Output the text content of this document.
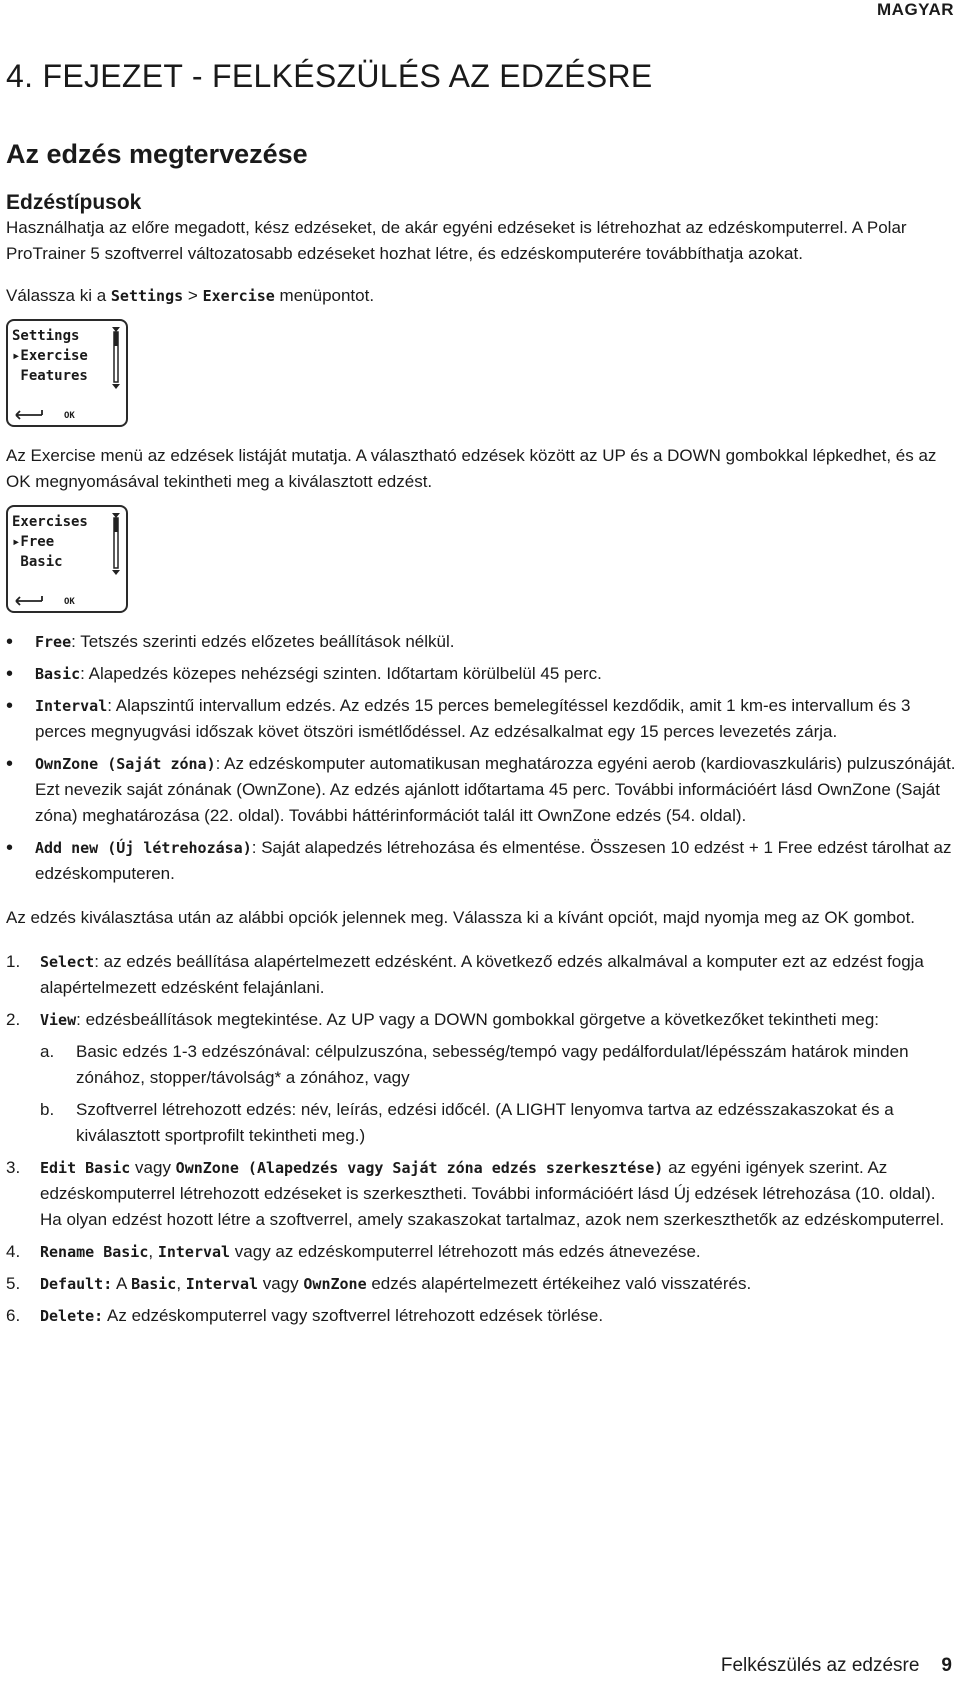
MAGYAR
4. FEJEZET - FELKÉSZÜLÉS AZ EDZÉSRE
Az edzés megtervezése
Edzéstípusok

Használhatja az előre megadott, kész edzéseket, de akár egyéni edzéseket is létrehozhat az edzéskomputerrel. A Polar ProTrainer 5 szoftverrel változatosabb edzéseket hozhat létre, és edzéskomputerére továbbíthatja azokat.

Válassza ki a Settings > Exercise menüpontot.

Settings
▸Exercise
Features
OK

Az Exercise menü az edzések listáját mutatja. A választható edzések között az UP és a DOWN gombokkal lépkedhet, és az OK megnyomásával tekintheti meg a kiválasztott edzést.

Exercises
▸Free
Basic
OK
• Free: Tetszés szerinti edzés előzetes beállítások nélkül.
• Basic: Alapedzés közepes nehézségi szinten. Időtartam körülbelül 45 perc.
• Interval: Alapszintű intervallum edzés. Az edzés 15 perces bemelegítéssel kezdődik, amit 1 km-es intervallum és 3 perces megnyugvási időszak követ ötszöri ismétlődéssel. Az edzésalkalmat egy 15 perces levezetés zárja.
• OwnZone (Saját zóna): Az edzéskomputer automatikusan meghatározza egyéni aerob (kardiovaszkuláris) pulzuszónáját. Ezt nevezik saját zónának (OwnZone). Az edzés ajánlott időtartama 45 perc. További információért lásd OwnZone (Saját zóna) meghatározása (22. oldal). További háttérinformációt talál itt OwnZone edzés (54. oldal).
• Add new (Új létrehozása): Saját alapedzés létrehozása és elmentése. Összesen 10 edzést + 1 Free edzést tárolhat az edzéskomputeren.

Az edzés kiválasztása után az alábbi opciók jelennek meg. Válassza ki a kívánt opciót, majd nyomja meg az OK gombot.

1. Select: az edzés beállítása alapértelmezett edzésként. A következő edzés alkalmával a komputer ezt az edzést fogja alapértelmezett edzésként felajánlani.
2. View: edzésbeállítások megtekintése. Az UP vagy a DOWN gombokkal görgetve a következőket tekintheti meg:
a. Basic edzés 1-3 edzészónával: célpulzuszóna, sebesség/tempó vagy pedálfordulat/lépésszám határok minden zónához, stopper/távolság* a zónához, vagy
b. Szoftverrel létrehozott edzés: név, leírás, edzési időcél. (A LIGHT lenyomva tartva az edzésszakaszokat és a kiválasztott sportprofilt tekintheti meg.)
3. Edit Basic vagy OwnZone (Alapedzés vagy Saját zóna edzés szerkesztése) az egyéni igények szerint. Az edzéskomputerrel létrehozott edzéseket is szerkesztheti. További információért lásd Új edzések létrehozása (10. oldal). Ha olyan edzést hozott létre a szoftverrel, amely szakaszokat tartalmaz, azok nem szerkeszthetők az edzéskomputerrel.
4. Rename Basic, Interval vagy az edzéskomputerrel létrehozott más edzés átnevezése.
5. Default: A Basic, Interval vagy OwnZone edzés alapértelmezett értékeihez való visszatérés.
6. Delete: Az edzéskomputerrel vagy szoftverrel létrehozott edzések törlése.
Felkészülés az edzésre 9
